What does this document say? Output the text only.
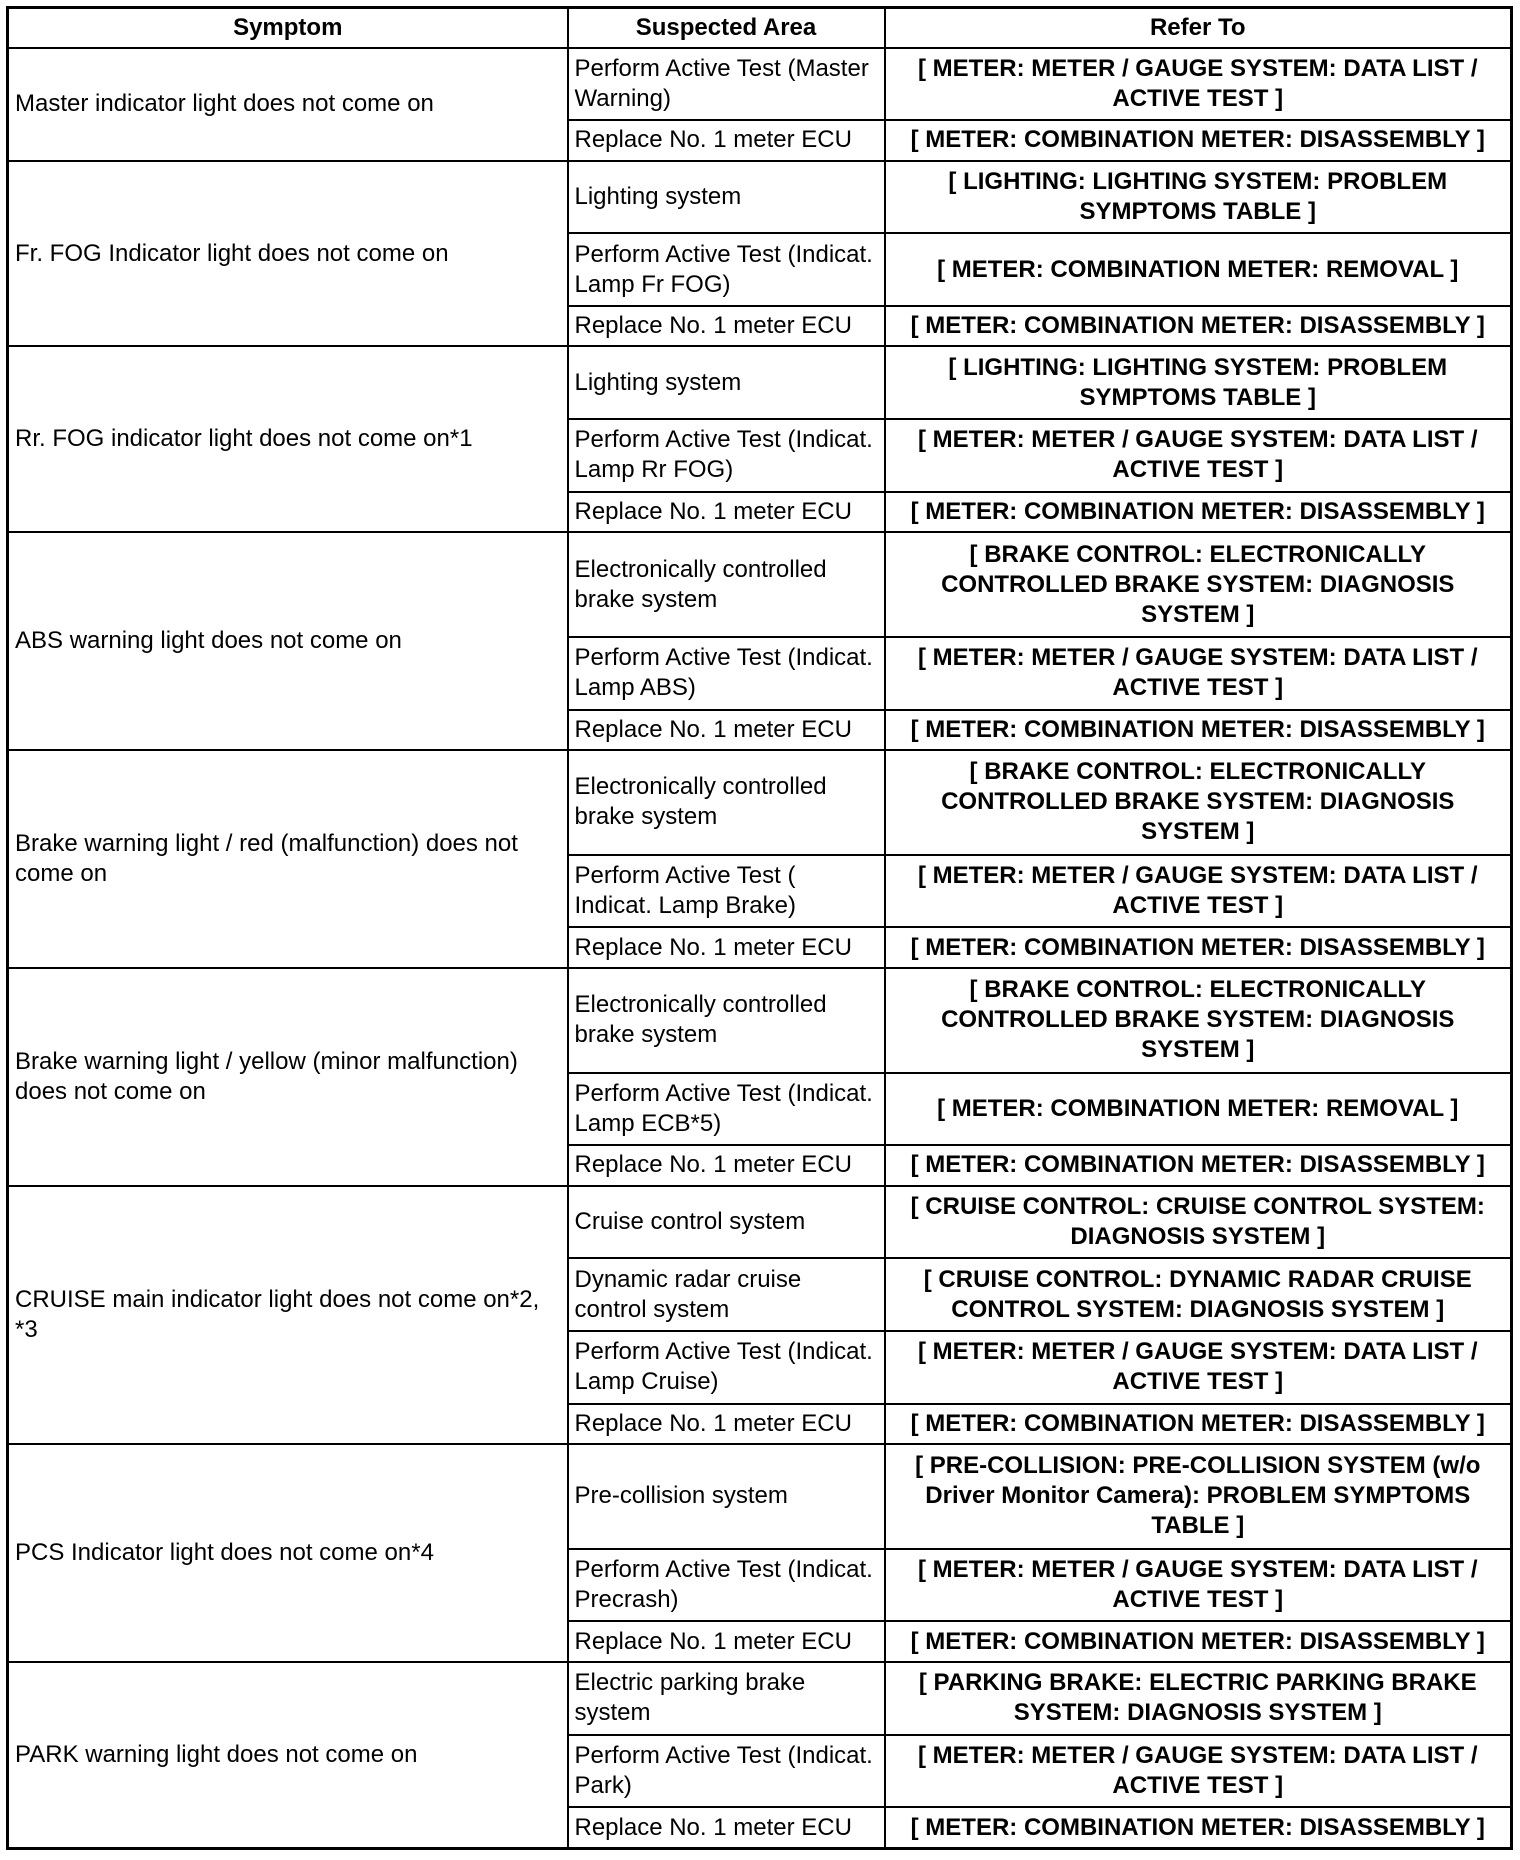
Symptom	Suspected Area	Refer To
Master indicator light does not come on	Perform Active Test (Master Warning)	[ METER: METER / GAUGE SYSTEM: DATA LIST / ACTIVE TEST ]
	Replace No. 1 meter ECU	[ METER: COMBINATION METER: DISASSEMBLY ]
Fr. FOG Indicator light does not come on	Lighting system	[ LIGHTING: LIGHTING SYSTEM: PROBLEM SYMPTOMS TABLE ]
	Perform Active Test (Indicat. Lamp Fr FOG)	[ METER: COMBINATION METER: REMOVAL ]
	Replace No. 1 meter ECU	[ METER: COMBINATION METER: DISASSEMBLY ]
Rr. FOG indicator light does not come on*1	Lighting system	[ LIGHTING: LIGHTING SYSTEM: PROBLEM SYMPTOMS TABLE ]
	Perform Active Test (Indicat. Lamp Rr FOG)	[ METER: METER / GAUGE SYSTEM: DATA LIST / ACTIVE TEST ]
	Replace No. 1 meter ECU	[ METER: COMBINATION METER: DISASSEMBLY ]
ABS warning light does not come on	Electronically controlled brake system	[ BRAKE CONTROL: ELECTRONICALLY CONTROLLED BRAKE SYSTEM: DIAGNOSIS SYSTEM ]
	Perform Active Test (Indicat. Lamp ABS)	[ METER: METER / GAUGE SYSTEM: DATA LIST / ACTIVE TEST ]
	Replace No. 1 meter ECU	[ METER: COMBINATION METER: DISASSEMBLY ]
Brake warning light / red (malfunction) does not come on	Electronically controlled brake system	[ BRAKE CONTROL: ELECTRONICALLY CONTROLLED BRAKE SYSTEM: DIAGNOSIS SYSTEM ]
	Perform Active Test ( Indicat. Lamp Brake)	[ METER: METER / GAUGE SYSTEM: DATA LIST / ACTIVE TEST ]
	Replace No. 1 meter ECU	[ METER: COMBINATION METER: DISASSEMBLY ]
Brake warning light / yellow (minor malfunction) does not come on	Electronically controlled brake system	[ BRAKE CONTROL: ELECTRONICALLY CONTROLLED BRAKE SYSTEM: DIAGNOSIS SYSTEM ]
	Perform Active Test (Indicat. Lamp ECB*5)	[ METER: COMBINATION METER: REMOVAL ]
	Replace No. 1 meter ECU	[ METER: COMBINATION METER: DISASSEMBLY ]
CRUISE main indicator light does not come on*2, *3	Cruise control system	[ CRUISE CONTROL: CRUISE CONTROL SYSTEM: DIAGNOSIS SYSTEM ]
	Dynamic radar cruise control system	[ CRUISE CONTROL: DYNAMIC RADAR CRUISE CONTROL SYSTEM: DIAGNOSIS SYSTEM ]
	Perform Active Test (Indicat. Lamp Cruise)	[ METER: METER / GAUGE SYSTEM: DATA LIST / ACTIVE TEST ]
	Replace No. 1 meter ECU	[ METER: COMBINATION METER: DISASSEMBLY ]
PCS Indicator light does not come on*4	Pre-collision system	[ PRE-COLLISION: PRE-COLLISION SYSTEM (w/o Driver Monitor Camera): PROBLEM SYMPTOMS TABLE ]
	Perform Active Test (Indicat. Precrash)	[ METER: METER / GAUGE SYSTEM: DATA LIST / ACTIVE TEST ]
	Replace No. 1 meter ECU	[ METER: COMBINATION METER: DISASSEMBLY ]
PARK warning light does not come on	Electric parking brake system	[ PARKING BRAKE: ELECTRIC PARKING BRAKE SYSTEM: DIAGNOSIS SYSTEM ]
	Perform Active Test (Indicat. Park)	[ METER: METER / GAUGE SYSTEM: DATA LIST / ACTIVE TEST ]
	Replace No. 1 meter ECU	[ METER: COMBINATION METER: DISASSEMBLY ]
